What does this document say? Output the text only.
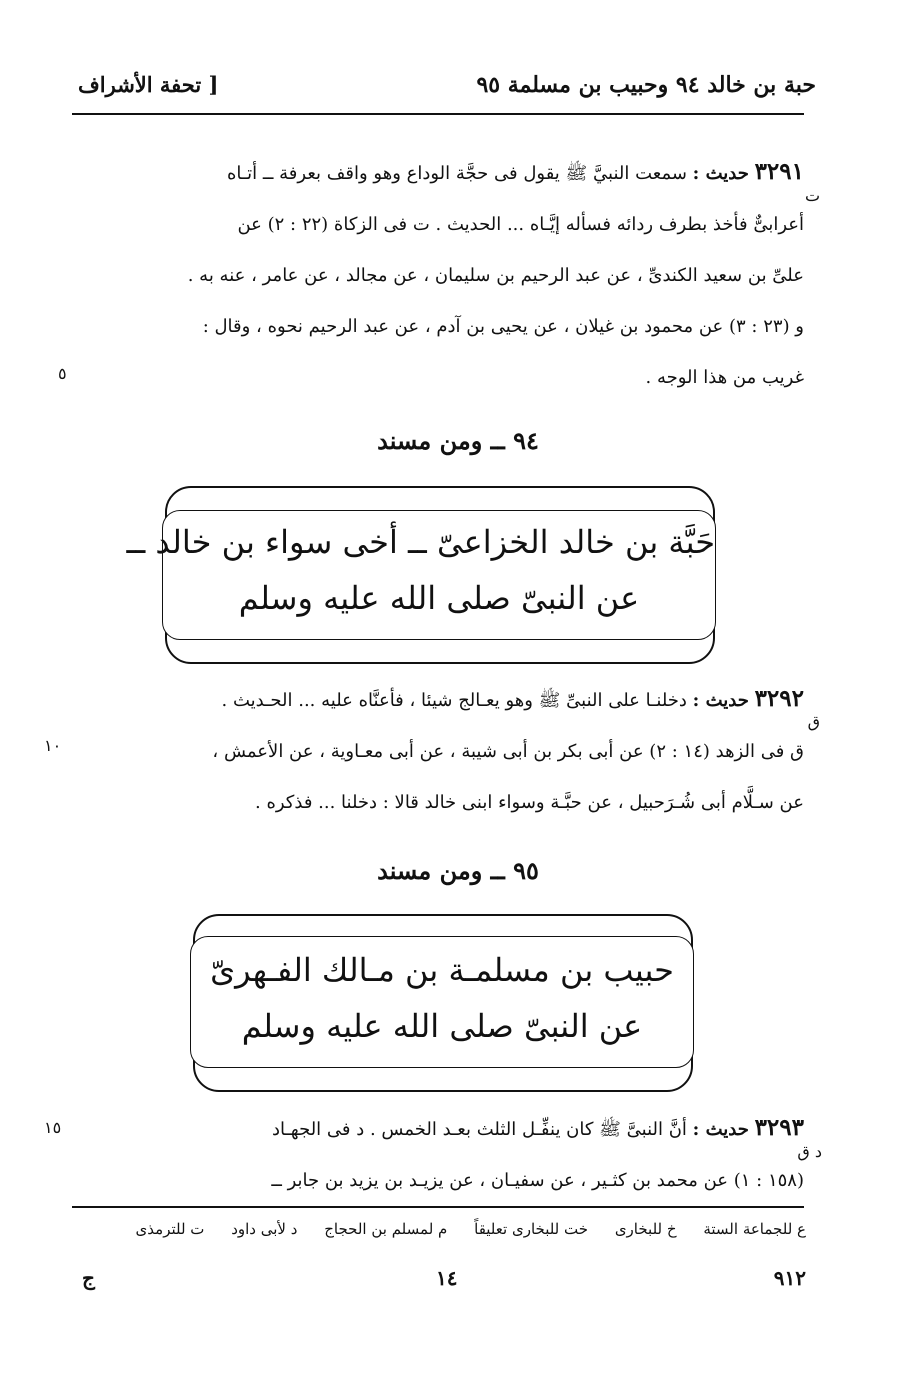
حبة بن خالد ٩٤ وحبيب بن مسلمة ٩٥
[ تحفة الأشراف
٣٢٩١ حديث : سمعت النبيَّ ﷺ يقول فى حجَّة الوداع وهو واقف بعرفة ــ أتـاه
أعرابىٌّ فأخذ بطرف ردائه فسأله إيَّـاه ... الحديث . ت فى الزكاة (٢٢ : ٢) عن
علىِّ بن سعيد الكندىِّ ، عن عبد الرحيم بن سليمان ، عن مجالد ، عن عامر ، عنه به .
و (٢٣ : ٣) عن محمود بن غيلان ، عن يحيى بن آدم ، عن عبد الرحيم نحوه ، وقال :
غريب من هذا الوجه .
ت
٥
٩٤ ــ ومن مسند
حَبَّة بن خالد الخزاعىّ ــ أخى سواء بن خالد ــ
عن النبىّ صلى الله عليه وسلم
٣٢٩٢ حديث : دخلنـا على النبىِّ ﷺ وهو يعـالج شيئا ، فأعنَّاه عليه ... الحـديث .
ق فى الزهد (١٤ : ٢) عن أبى بكر بن أبى شيبة ، عن أبى معـاوية ، عن الأعمش ،
عن سـلَّام أبى شُـرَحبيل ، عن حبَّـة وسواء ابنى خالد قالا : دخلنا ... فذكره .
ق
١٠
٩٥ ــ ومن مسند
حبيب بن مسلمـة بن مـالك الفـهرىّ
عن النبىّ صلى الله عليه وسلم
٣٢٩٣ حديث : أنَّ النبىَّ ﷺ كان ينفِّـل الثلث بعـد الخمس . د فى الجهـاد
(١٥٨ : ١) عن محمد بن كثـير ، عن سفيـان ، عن يزيـد بن يزيد بن جابر ــ
د ق
١٥
ع للجماعة الستة خ للبخارى خت للبخارى تعليقاً م لمسلم بن الحجاج د لأبى داود ت للترمذى
٩١٢
١٤
ج
